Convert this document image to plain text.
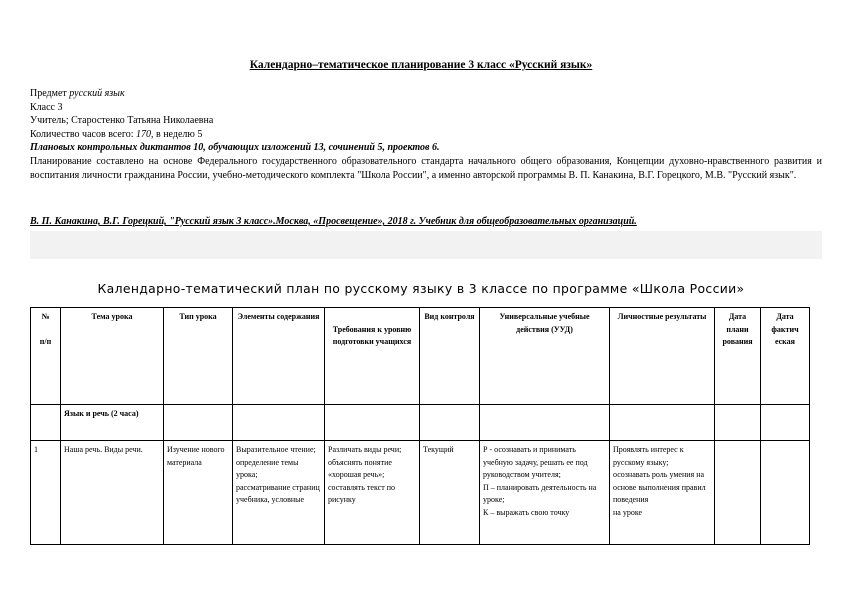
Календарно–тематическое планирование 3 класс «Русский язык»
Предмет русский язык
Класс 3
Учитель; Старостенко Татьяна Николаевна
Количество часов всего: 170, в неделю 5
Плановых контрольных диктантов 10, обучающих изложений 13, сочинений 5, проектов 6.
Планирование составлено на основе Федерального государственного образовательного стандарта начального общего образования, Концепции духовно-нравственного развития и воспитания личности гражданина России, учебно-методического комплекта "Школа России", а именно авторской программы В. П. Канакина, В.Г. Горецкого, М.В. "Русский язык".
В. П. Канакина, В.Г. Горецкий, "Русский язык 3 класс».Москва, «Просвещение», 2018 г. Учебник для общеобразовательных организаций.
Календарно-тематический план по русскому языку в 3 классе по программе «Школа России»
№

п/п	Тема урока	Тип урока	Элементы содержания	Требования к уровню подготовки учащихся	Вид контроля	Универсальные учебные действия (УУД)	Личностные результаты	Дата плани рования	Дата фактич еская
	Язык и речь (2 часа)								
1	Наша речь. Виды речи.	Изучение нового материала	Выразительное чтение;
определение темы урока;
рассматривание страниц учебника, условные	Различать виды речи; объяснять понятие «хорошая речь»; составлять текст по рисунку	Текущий	Р - осознавать и принимать учебную задачу, решать ее под руководством учителя;
П – планировать деятельность на уроке;
К – выражать свою точку	Проявлять интерес к русскому языку;
осознавать роль умения на основе выполнения правил поведения
на уроке		
